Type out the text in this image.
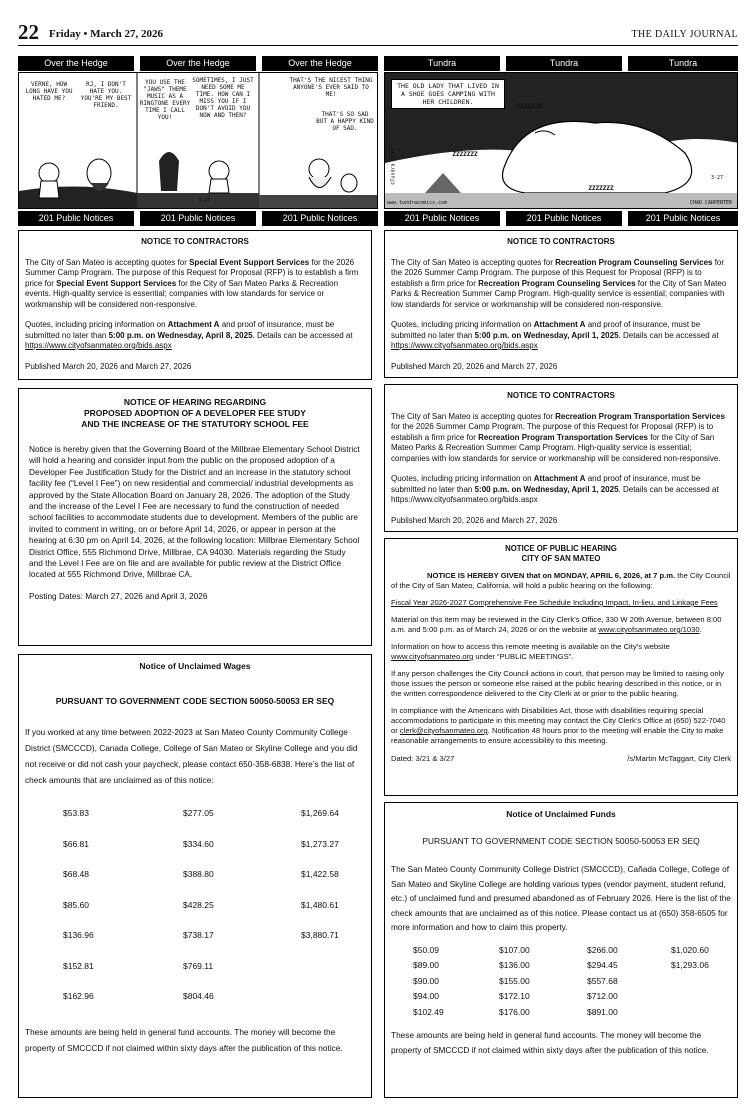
22 Friday • March 27, 2026	THE DAILY JOURNAL
Over the Hedge	Over the Hedge	Over the Hedge	Tundra	Tundra	Tundra
VERNE, HOW LONG HAVE YOU HATED ME?
RJ, I DON'T HATE YOU. YOU'RE MY BEST FRIEND.
YOU USE THE "JAWS" THEME MUSIC AS A RINGTONE EVERY TIME I CALL YOU!
SOMETIMES, I JUST NEED SOME ME TIME. HOW CAN I MISS YOU IF I DON'T AVOID YOU NOW AND THEN?
THAT'S THE NICEST THING ANYONE'S EVER SAID TO ME!
THAT'S SO SAD BUT A HAPPY KIND OF SAD.
3-27
THE OLD LADY THAT LIVED IN A SHOE GOES CAMPING WITH HER CHILDREN.
ZZZZZZZ
ZZZZZZZ
ZZZZZZZ
3-27
www.tundracomics.com	CHAD CARPENTER
©Tundra 2026
201 Public Notices	201 Public Notices	201 Public Notices	201 Public Notices	201 Public Notices	201 Public Notices
NOTICE TO CONTRACTORS

The City of San Mateo is accepting quotes for Special Event Support Services for the 2026 Summer Camp Program. The purpose of this Request for Proposal (RFP) is to establish a firm price for Special Event Support Services for the City of San Mateo Parks & Recreation events. High-quality service is essential; companies with low standards for service or workmanship will be considered non-responsive.

Quotes, including pricing information on Attachment A and proof of insurance, must be submitted no later than 5:00 p.m. on Wednesday, April 8, 2025. Details can be accessed at https://www.cityofsanmateo.org/bids.aspx

Published March 20, 2026 and March 27, 2026

NOTICE OF HEARING REGARDING
PROPOSED ADOPTION OF A DEVELOPER FEE STUDY
AND THE INCREASE OF THE STATUTORY SCHOOL FEE

Notice is hereby given that the Governing Board of the Millbrae Elementary School District will hold a hearing and consider input from the public on the proposed adoption of a Developer Fee Justification Study for the District and an increase in the statutory school facility fee (“Level I Fee”) on new residential and commercial/ industrial developments as approved by the State Allocation Board on January 28, 2026. The adoption of the Study and the increase of the Level I Fee are necessary to fund the construction of needed school facilities to accommodate students due to development. Members of the public are invited to comment in writing, on or before April 14, 2026, or appear in person at the hearing at 6:30 pm on April 14, 2026, at the following location: Millbrae Elementary School District Office, 555 Richmond Drive, Millbrae, CA 94030. Materials regarding the Study and the Level I Fee are on file and are available for public review at the District Office located at 555 Richmond Drive, Millbrae CA.

Posting Dates: March 27, 2026 and April 3, 2026

Notice of Unclaimed Wages
PURSUANT TO GOVERNMENT CODE SECTION 50050-50053 ER SEQ

If you worked at any time between 2022-2023 at San Mateo County Community College District (SMCCCD), Canada College, College of San Mateo or Skyline College and you did not receive or did not cash your paycheck, please contact 650-358-6838. Here’s the list of check amounts that are unclaimed as of this notice:

$53.83	$277.05	$1,269.64
$66.81	$334.60	$1,273.27
$68.48	$388.80	$1,422.58
$85.60	$428.25	$1,480.61
$136.96	$738.17	$3,880.71
$152.81	$769.11
$162.96	$804.46

These amounts are being held in general fund accounts. The money will become the property of SMCCCD if not claimed within sixty days after the publication of this notice.

NOTICE TO CONTRACTORS

The City of San Mateo is accepting quotes for Recreation Program Counseling Services for the 2026 Summer Camp Program. The purpose of this Request for Proposal (RFP) is to establish a firm price for Recreation Program Counseling Services for the City of San Mateo Parks & Recreation Summer Camp Program. High-quality service is essential; companies with low standards for service or workmanship will be considered non-responsive.

Quotes, including pricing information on Attachment A and proof of insurance, must be submitted no later than 5:00 p.m. on Wednesday, April 1, 2025. Details can be accessed at https://www.cityofsanmateo.org/bids.aspx

Published March 20, 2026 and March 27, 2026

NOTICE TO CONTRACTORS

The City of San Mateo is accepting quotes for Recreation Program Transportation Services for the 2026 Summer Camp Program. The purpose of this Request for Proposal (RFP) is to establish a firm price for Recreation Program Transportation Services for the City of San Mateo Parks & Recreation Summer Camp Program. High-quality service is essential; companies with low standards for service or workmanship will be considered non-responsive.

Quotes, including pricing information on Attachment A and proof of insurance, must be submitted no later than 5:00 p.m. on Wednesday, April 1, 2025. Details can be accessed at https://www.cityofsanmateo.org/bids.aspx

Published March 20, 2026 and March 27, 2026

NOTICE OF PUBLIC HEARING
CITY OF SAN MATEO

NOTICE IS HEREBY GIVEN that on MONDAY, APRIL 6, 2026, at 7 p.m. the City Council of the City of San Mateo, California, will hold a public hearing on the following:

Fiscal Year 2026-2027 Comprehensive Fee Schedule Including Impact, In-lieu, and Linkage Fees

Material on this item may be reviewed in the City Clerk’s Office, 330 W 20th Avenue, between 8:00 a.m. and 5:00 p.m. as of March 24, 2026 or on the website at www.cityofsanmateo.org/1030.

Information on how to access this remote meeting is available on the City’s website www.cityofsanmateo.org under “PUBLIC MEETINGS”.

If any person challenges the City Council actions in court, that person may be limited to raising only those issues the person or someone else raised at the public hearing described in this notice, or in the written correspondence delivered to the City Clerk at or prior to the public hearing.

In compliance with the Americans with Disabilities Act, those with disabilities requiring special accommodations to participate in this meeting may contact the City Clerk’s Office at (650) 522-7040 or clerk@cityofsanmateo.org. Notification 48 hours prior to the meeting will enable the City to make reasonable arrangements to ensure accessibility to this meeting.

Dated: 3/21 & 3/27	/s/Martin McTaggart, City Clerk
Notice of Unclaimed Funds
PURSUANT TO GOVERNMENT CODE SECTION 50050-50053 ER SEQ

The San Mateo County Community College District (SMCCCD), Cañada College, College of San Mateo and Skyline College are holding various types (vendor payment, student refund, etc.) of unclaimed fund and presumed abandoned as of February 2026. Here is the list of the check amounts that are unclaimed as of this notice. Please contact us at (650) 358-6505 for more information and how to claim this property.

$50.09	$107.00	$266.00	$1,020.60
$89.00	$136.00	$294.45	$1,293.06
$90.00	$155.00	$557.68
$94.00	$172.10	$712.00
$102.49	$176.00	$891.00

These amounts are being held in general fund accounts. The money will become the property of SMCCCD if not claimed within sixty days after the publication of this notice.
